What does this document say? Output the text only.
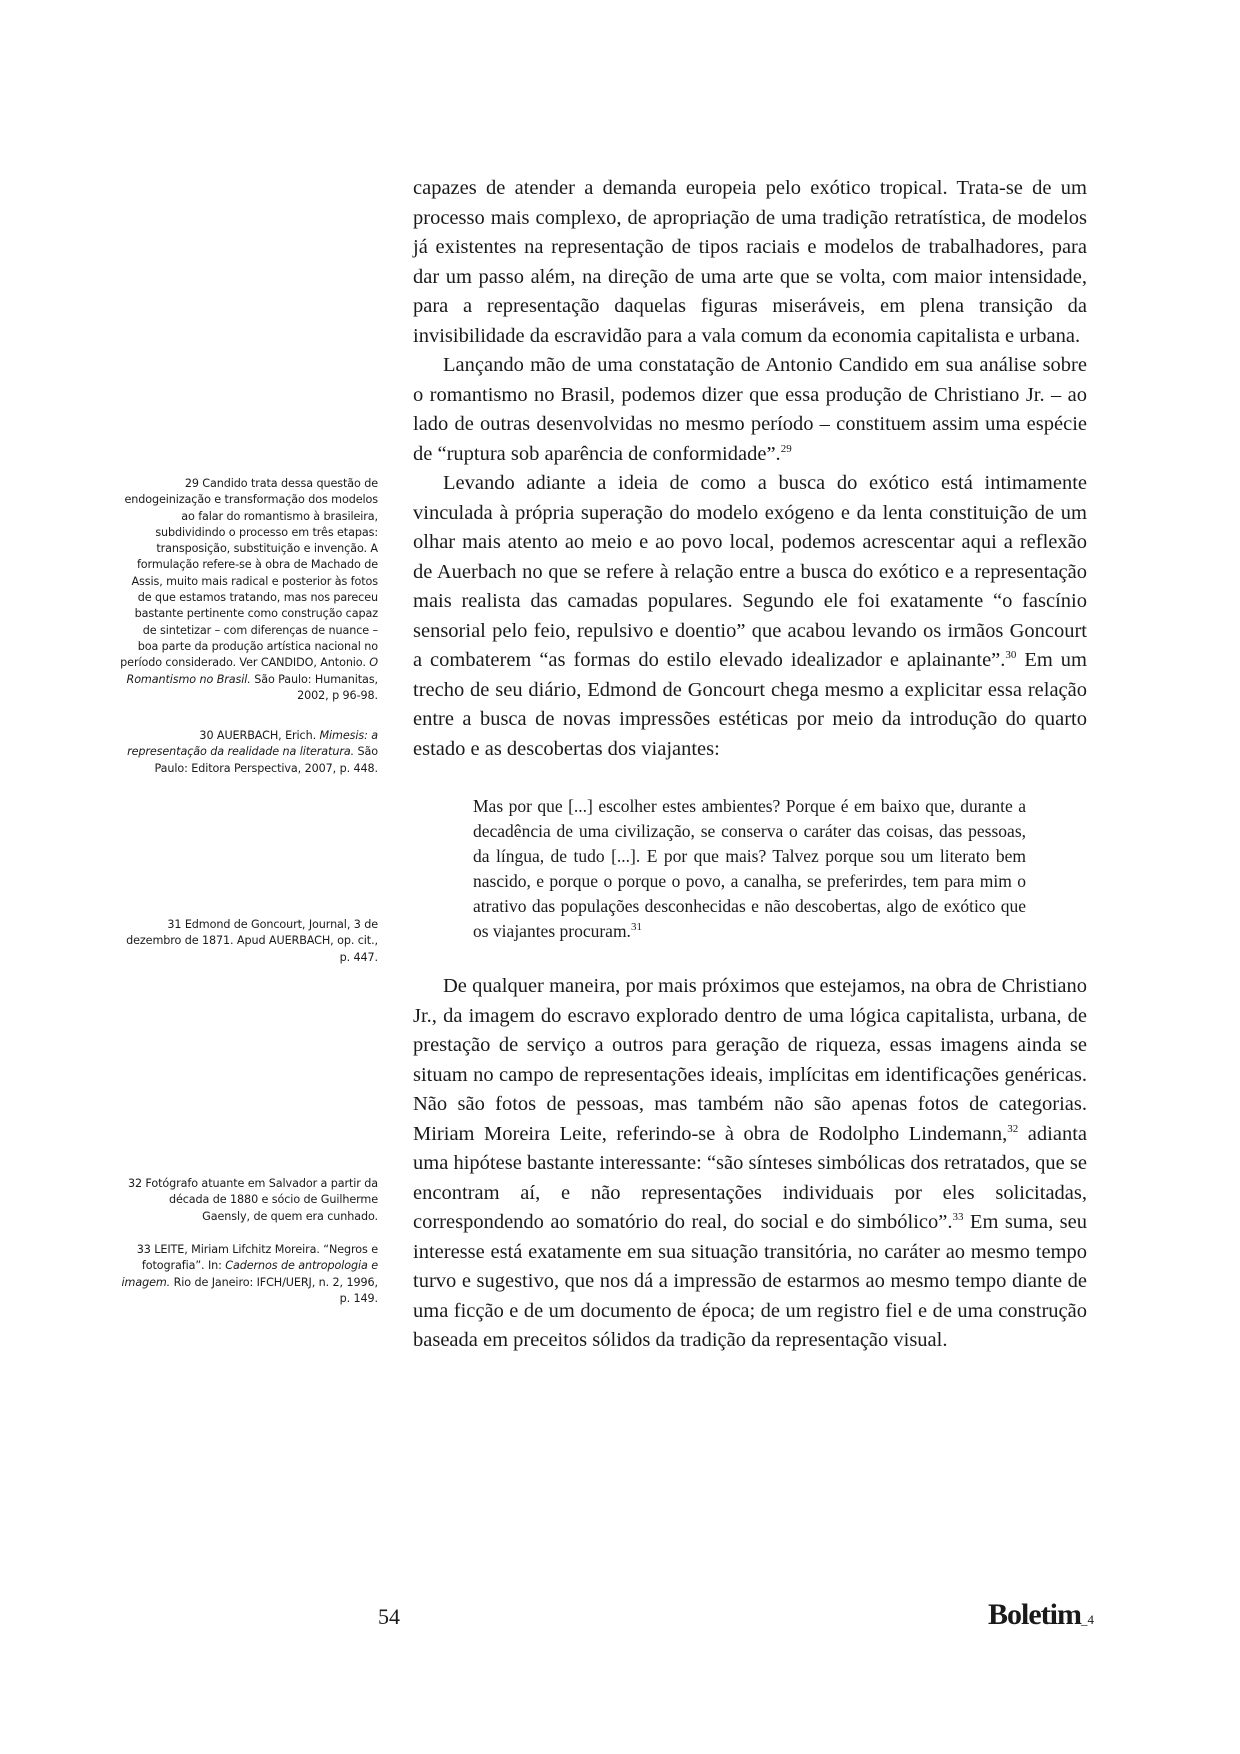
capazes de atender a demanda europeia pelo exótico tropical. Trata-se de um processo mais complexo, de apropriação de uma tradição retratística, de modelos já existentes na representação de tipos raciais e modelos de trabalhadores, para dar um passo além, na direção de uma arte que se volta, com maior intensidade, para a representação daquelas figuras miseráveis, em plena transição da invisibilidade da escravidão para a vala comum da economia capitalista e urbana.

Lançando mão de uma constatação de Antonio Candido em sua análise sobre o romantismo no Brasil, podemos dizer que essa produção de Christiano Jr. – ao lado de outras desenvolvidas no mesmo período – constituem assim uma espécie de “ruptura sob aparência de conformidade”.$^{29}$

Levando adiante a ideia de como a busca do exótico está intimamente vinculada à própria superação do modelo exógeno e da lenta constituição de um olhar mais atento ao meio e ao povo local, podemos acrescentar aqui a reflexão de Auerbach no que se refere à relação entre a busca do exótico e a representação mais realista das camadas populares. Segundo ele foi exatamente “o fascínio sensorial pelo feio, repulsivo e doentio” que acabou levando os irmãos Goncourt a combaterem “as formas do estilo elevado idealizador e aplainante”.$^{30}$ Em um trecho de seu diário, Edmond de Goncourt chega mesmo a explicitar essa relação entre a busca de novas impressões estéticas por meio da introdução do quarto estado e as descobertas dos viajantes:

Mas por que [...] escolher estes ambientes? Porque é em baixo que, durante a decadência de uma civilização, se conserva o caráter das coisas, das pessoas, da língua, de tudo [...]. E por que mais? Talvez porque sou um literato bem nascido, e porque o porque o povo, a canalha, se preferirdes, tem para mim o atrativo das populações desconhecidas e não descobertas, algo de exótico que os viajantes procuram.$^{31}$

De qualquer maneira, por mais próximos que estejamos, na obra de Christiano Jr., da imagem do escravo explorado dentro de uma lógica capitalista, urbana, de prestação de serviço a outros para geração de riqueza, essas imagens ainda se situam no campo de representações ideais, implícitas em identificações genéricas. Não são fotos de pessoas, mas também não são apenas fotos de categorias. Miriam Moreira Leite, referindo-se à obra de Rodolpho Lindemann,$^{32}$ adianta uma hipótese bastante interessante: “são sínteses simbólicas dos retratados, que se encontram aí, e não representações individuais por eles solicitadas, correspondendo ao somatório do real, do social e do simbólico”.$^{33}$ Em suma, seu interesse está exatamente em sua situação transitória, no caráter ao mesmo tempo turvo e sugestivo, que nos dá a impressão de estarmos ao mesmo tempo diante de uma ficção e de um documento de época; de um registro fiel e de uma construção baseada em preceitos sólidos da tradição da representação visual.

29 Candido trata dessa questão de endogeinização e transformação dos modelos ao falar do romantismo à brasileira, subdividindo o processo em três etapas: transposição, substituição e invenção. A formulação refere-se à obra de Machado de Assis, muito mais radical e posterior às fotos de que estamos tratando, mas nos pareceu bastante pertinente como construção capaz de sintetizar – com diferenças de nuance – boa parte da produção artística nacional no período considerado. Ver CANDIDO, Antonio. O Romantismo no Brasil. São Paulo: Humanitas, 2002, p 96-98.
30 AUERBACH, Erich. Mimesis: a representação da realidade na literatura. São Paulo: Editora Perspectiva, 2007, p. 448.
31 Edmond de Goncourt, Journal, 3 de dezembro de 1871. Apud AUERBACH, op. cit., p. 447.
32 Fotógrafo atuante em Salvador a partir da década de 1880 e sócio de Guilherme Gaensly, de quem era cunhado.
33 LEITE, Miriam Lifchitz Moreira. “Negros e fotografia”. In: Cadernos de antropologia e imagem. Rio de Janeiro: IFCH/UERJ, n. 2, 1996, p. 149.
54	Boletim_4
